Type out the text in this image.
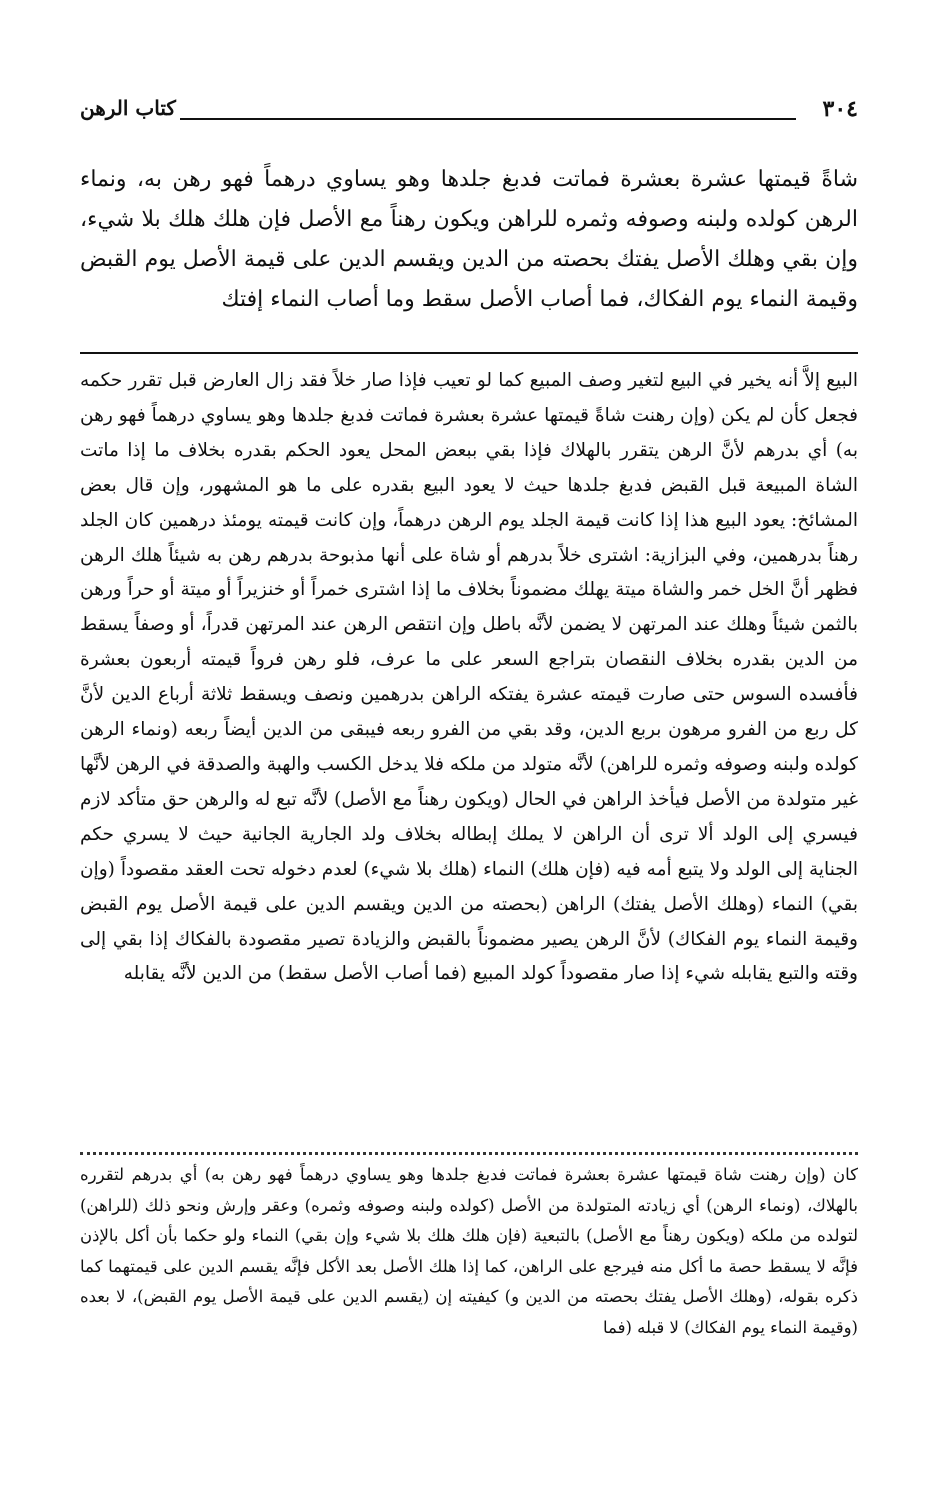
٣٠٤
كتاب الرهن

شاةً قيمتها عشرة بعشرة فماتت فدبغ جلدها وهو يساوي درهماً فهو رهن به، ونماء الرهن كولده ولبنه وصوفه وثمره للراهن ويكون رهناً مع الأصل فإن هلك هلك بلا شيء، وإن بقي وهلك الأصل يفتك بحصته من الدين ويقسم الدين على قيمة الأصل يوم القبض وقيمة النماء يوم الفكاك، فما أصاب الأصل سقط وما أصاب النماء إفتك

البيع إلاَّ أنه يخير في البيع لتغير وصف المبيع كما لو تعيب فإذا صار خلاً فقد زال العارض قبل تقرر حكمه فجعل كأن لم يكن (وإن رهنت شاةً قيمتها عشرة بعشرة فماتت فدبغ جلدها وهو يساوي درهماً فهو رهن به) أي بدرهم لأنَّ الرهن يتقرر بالهلاك فإذا بقي ببعض المحل يعود الحكم بقدره بخلاف ما إذا ماتت الشاة المبيعة قبل القبض فدبغ جلدها حيث لا يعود البيع بقدره على ما هو المشهور، وإن قال بعض المشائخ: يعود البيع هذا إذا كانت قيمة الجلد يوم الرهن درهماً، وإن كانت قيمته يومئذ درهمين كان الجلد رهناً بدرهمين، وفي البزازية: اشترى خلاً بدرهم أو شاة على أنها مذبوحة بدرهم رهن به شيئاً هلك الرهن فظهر أنَّ الخل خمر والشاة ميتة يهلك مضموناً بخلاف ما إذا اشترى خمراً أو خنزيراً أو ميتة أو حراً ورهن بالثمن شيئاً وهلك عند المرتهن لا يضمن لأنَّه باطل وإن انتقص الرهن عند المرتهن قدراً، أو وصفاً يسقط من الدين بقدره بخلاف النقصان بتراجع السعر على ما عرف، فلو رهن فرواً قيمته أربعون بعشرة فأفسده السوس حتى صارت قيمته عشرة يفتكه الراهن بدرهمين ونصف ويسقط ثلاثة أرباع الدين لأنَّ كل ربع من الفرو مرهون بربع الدين، وقد بقي من الفرو ربعه فيبقى من الدين أيضاً ربعه (ونماء الرهن كولده ولبنه وصوفه وثمره للراهن) لأنَّه متولد من ملكه فلا يدخل الكسب والهبة والصدقة في الرهن لأنَّها غير متولدة من الأصل فيأخذ الراهن في الحال (ويكون رهناً مع الأصل) لأنَّه تبع له والرهن حق متأكد لازم فيسري إلى الولد ألا ترى أن الراهن لا يملك إبطاله بخلاف ولد الجارية الجانية حيث لا يسري حكم الجناية إلى الولد ولا يتبع أمه فيه (فإن هلك) النماء (هلك بلا شيء) لعدم دخوله تحت العقد مقصوداً (وإن بقي) النماء (وهلك الأصل يفتك) الراهن (بحصته من الدين ويقسم الدين على قيمة الأصل يوم القبض وقيمة النماء يوم الفكاك) لأنَّ الرهن يصير مضموناً بالقبض والزيادة تصير مقصودة بالفكاك إذا بقي إلى وقته والتبع يقابله شيء إذا صار مقصوداً كولد المبيع (فما أصاب الأصل سقط) من الدين لأنَّه يقابله

كان (وإن رهنت شاة قيمتها عشرة بعشرة فماتت فدبغ جلدها وهو يساوي درهماً فهو رهن به) أي بدرهم لتقرره بالهلاك، (ونماء الرهن) أي زيادته المتولدة من الأصل (كولده ولبنه وصوفه وثمره) وعقر وإرش ونحو ذلك (للراهن) لتولده من ملكه (ويكون رهناً مع الأصل) بالتبعية (فإن هلك هلك بلا شيء وإن بقي) النماء ولو حكما بأن أكل بالإذن فإنَّه لا يسقط حصة ما أكل منه فيرجع على الراهن، كما إذا هلك الأصل بعد الأكل فإنَّه يقسم الدين على قيمتهما كما ذكره بقوله، (وهلك الأصل يفتك بحصته من الدين و) كيفيته إن (يقسم الدين على قيمة الأصل يوم القبض)، لا بعده (وقيمة النماء يوم الفكاك) لا قبله (فما
